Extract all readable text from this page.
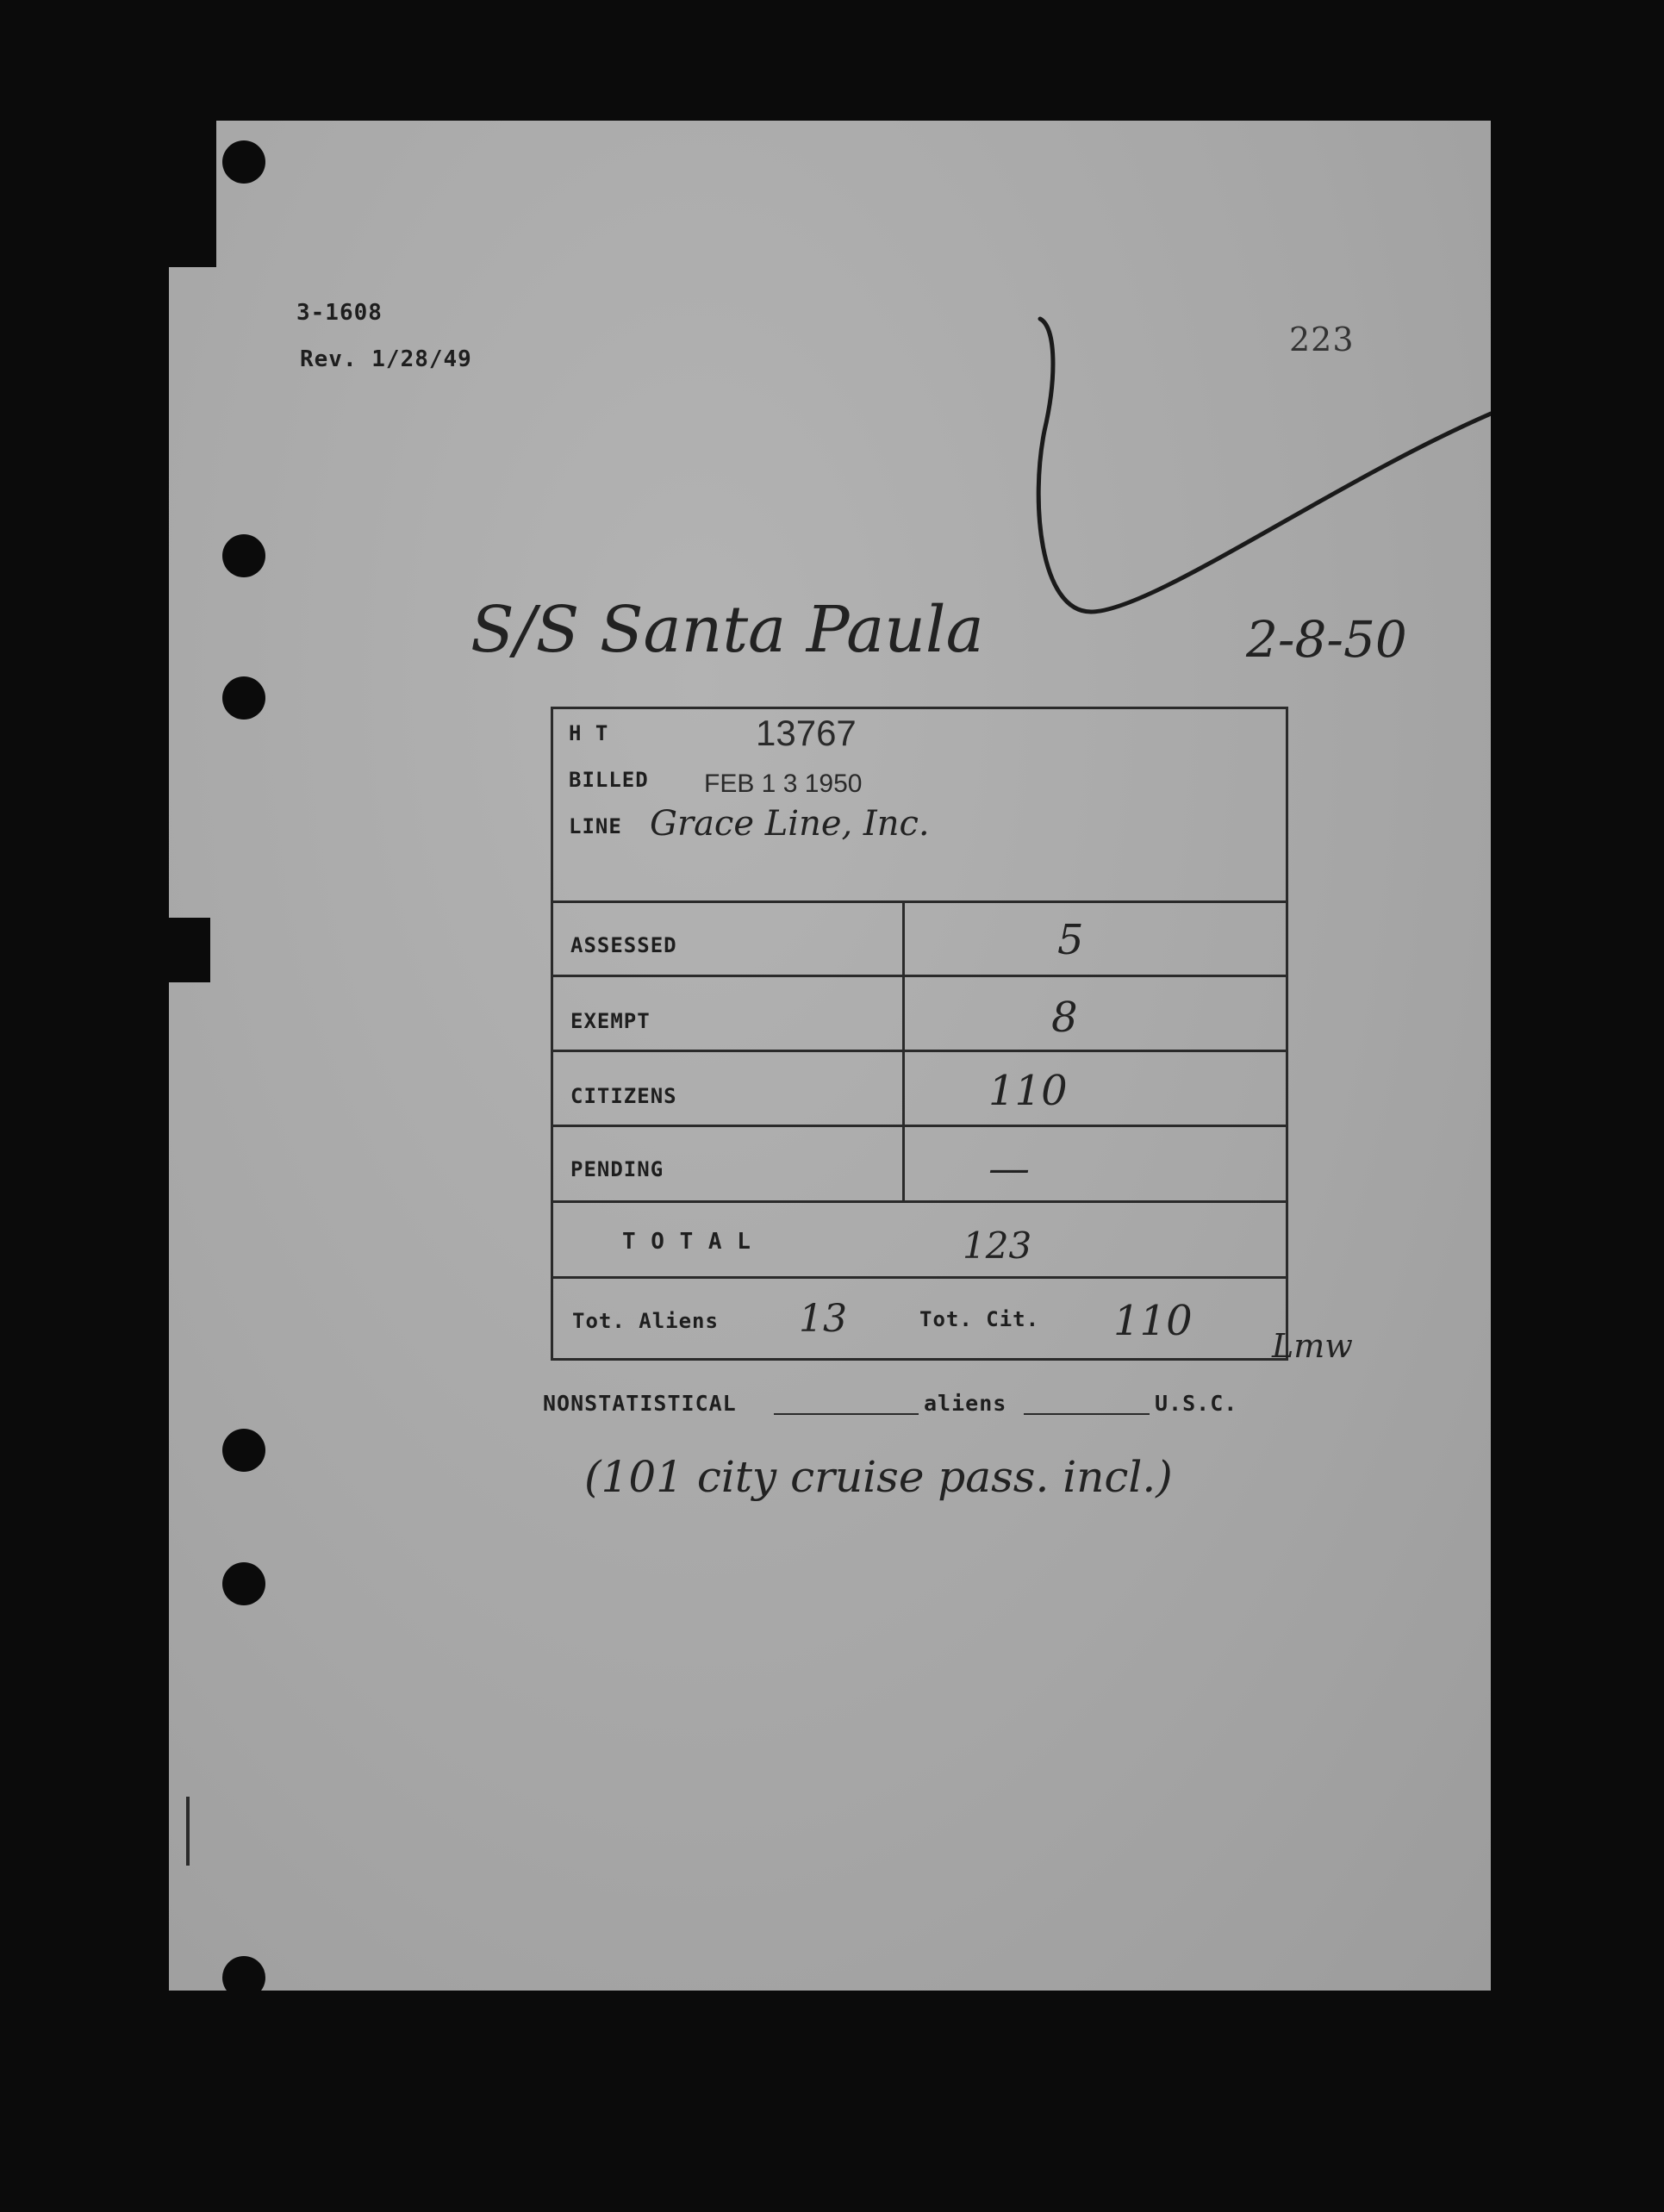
3-1608
Rev. 1/28/49
223
S/S Santa Paula	2-8-50
H T	13767
BILLED FEB 1 3 1950
LINE Grace Line, Inc.
ASSESSED	5
EXEMPT	8
CITIZENS	110
PENDING	—
T O T A L	123
Tot. Aliens 13	Tot. Cit. 110
Lmw
NONSTATISTICAL	aliens	U.S.C.
(101 city cruise pass. incl.)
